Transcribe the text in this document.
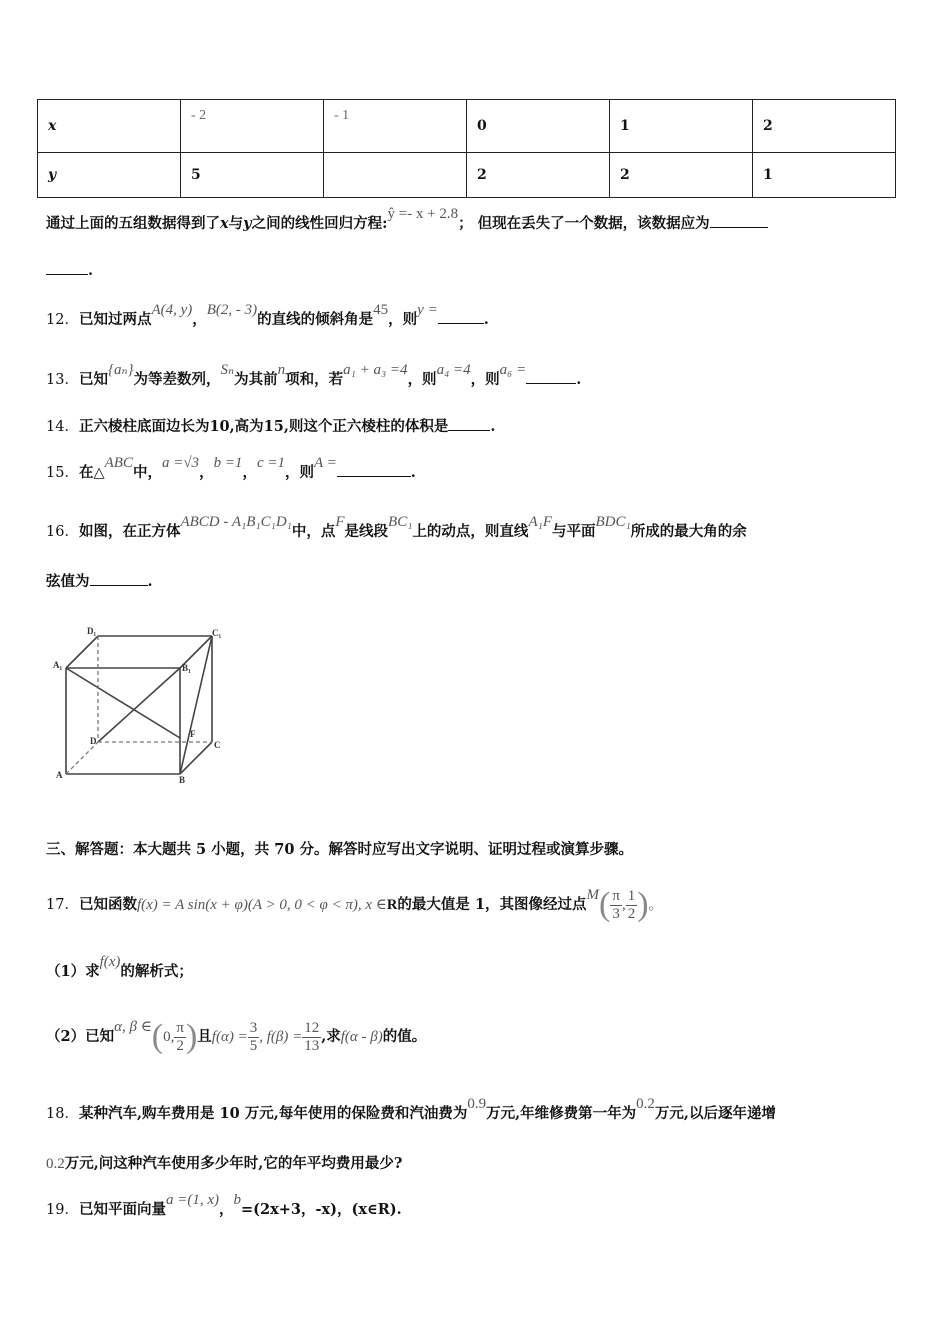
x	- 2	- 1	0	1	2
y	5		2	2	1
通过上面的五组数据得到了x与y之间的线性回归方程:ŷ =- x + 2.8； 但现在丢失了一个数据，该数据应为
.
12．已知过两点A(4, y)，B(2, - 3)的直线的倾斜角是45，则y =.
13．已知{aₙ}为等差数列，Sₙ为其前n项和，若a₁ + a₃ =4，则a₄ =4，则a₆ =.
14．正六棱柱底面边长为10,高为15,则这个正六棱柱的体积是	.
15．在△ABC中，a =√3，b =1，c =1，则A =.
16．如图，在正方体ABCD - A₁B₁C₁D₁中，点F是线段BC₁上的动点，则直线A₁F与平面BDC₁所成的最大角的余
弦值为	.
D₁	C₁
A₁	B₁
D
F
C
A	B
三、解答题：本大题共 5 小题，共 70 分。解答时应写出文字说明、证明过程或演算步骤。
17．已知函数f(x) = A sin(x + φ)(A > 0, 0 < φ < π), x ∈R的最大值是 1，其图像经过点$M( \frac{\pi}{3}$ , $\frac{1}{2}$ )。
（1）求f(x)的解析式；
（2）已知α, β ∈(0, $\frac{\pi}{2}$ )且$f(\alpha) = \frac{3}{5}$ , $f(\beta) = \frac{12}{13}$ ,求f(α - β)的值。
18．某种汽车,购车费用是 10 万元,每年使用的保险费和汽油费为0.9万元,年维修费第一年为0.2万元,以后逐年递增
0.2万元,问这种汽车使用多少年时,它的年平均费用最少?
19．已知平面向量a =(1, x)，b=(2x+3，-x)，(x∈R).
